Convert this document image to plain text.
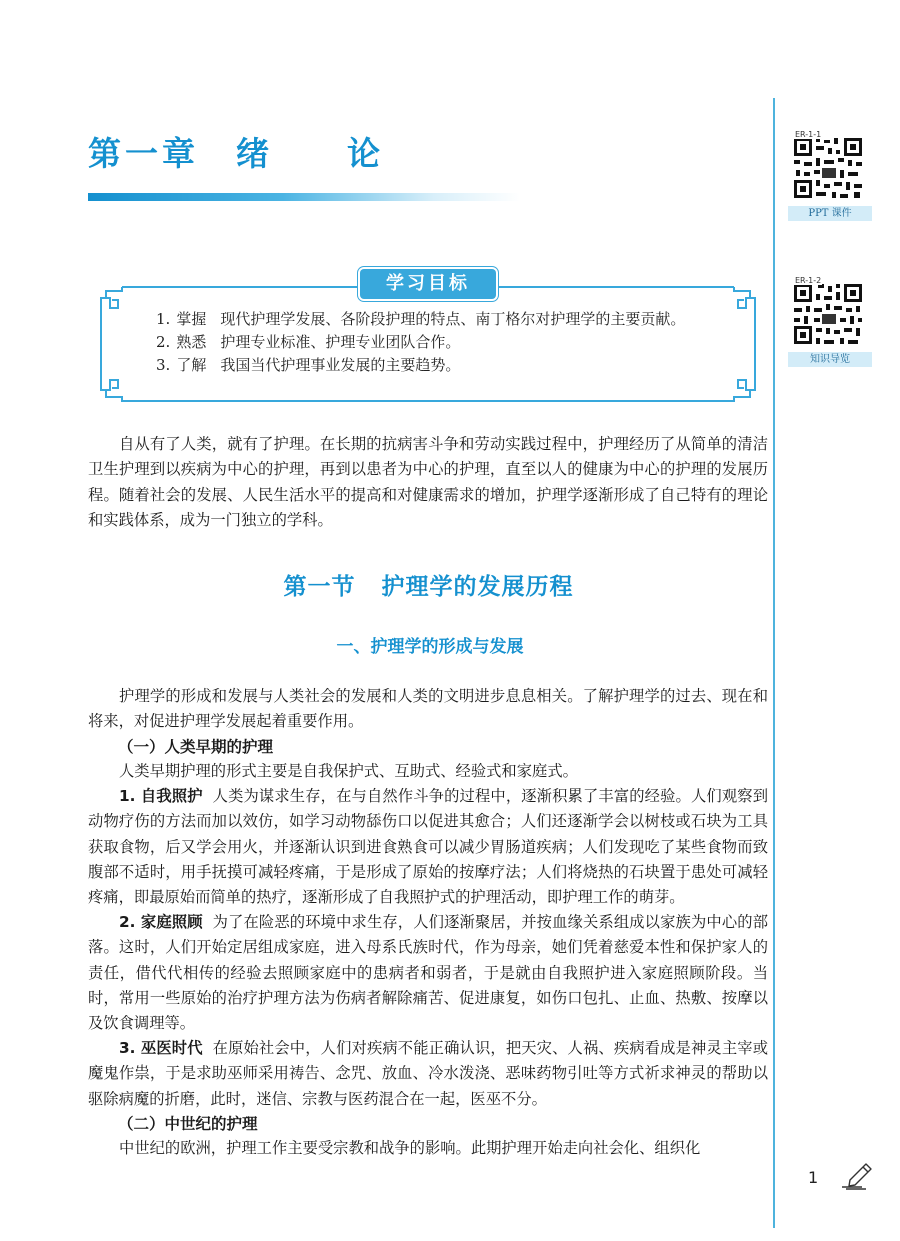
第一章　绪　　论	ER-1-1
PPT 课件
ER-1-2
知识导览
学习目标
1. 掌握 现代护理学发展、各阶段护理的特点、南丁格尔对护理学的主要贡献。
2. 熟悉 护理专业标准、护理专业团队合作。
3. 了解 我国当代护理事业发展的主要趋势。

自从有了人类，就有了护理。在长期的抗病害斗争和劳动实践过程中，护理经历了从简单的清洁卫生护理到以疾病为中心的护理，再到以患者为中心的护理，直至以人的健康为中心的护理的发展历程。随着社会的发展、人民生活水平的提高和对健康需求的增加，护理学逐渐形成了自己特有的理论和实践体系，成为一门独立的学科。

第一节 护理学的发展历程
一、护理学的形成与发展

护理学的形成和发展与人类社会的发展和人类的文明进步息息相关。了解护理学的过去、现在和将来，对促进护理学发展起着重要作用。

（一）人类早期的护理

人类早期护理的形式主要是自我保护式、互助式、经验式和家庭式。

1. 自我照护 人类为谋求生存，在与自然作斗争的过程中，逐渐积累了丰富的经验。人们观察到动物疗伤的方法而加以效仿，如学习动物舔伤口以促进其愈合；人们还逐渐学会以树枝或石块为工具获取食物，后又学会用火，并逐渐认识到进食熟食可以减少胃肠道疾病；人们发现吃了某些食物而致腹部不适时，用手抚摸可减轻疼痛，于是形成了原始的按摩疗法；人们将烧热的石块置于患处可减轻疼痛，即最原始而简单的热疗，逐渐形成了自我照护式的护理活动，即护理工作的萌芽。

2. 家庭照顾 为了在险恶的环境中求生存，人们逐渐聚居，并按血缘关系组成以家族为中心的部落。这时，人们开始定居组成家庭，进入母系氏族时代，作为母亲，她们凭着慈爱本性和保护家人的责任，借代代相传的经验去照顾家庭中的患病者和弱者，于是就由自我照护进入家庭照顾阶段。当时，常用一些原始的治疗护理方法为伤病者解除痛苦、促进康复，如伤口包扎、止血、热敷、按摩以及饮食调理等。

3. 巫医时代 在原始社会中，人们对疾病不能正确认识，把天灾、人祸、疾病看成是神灵主宰或魔鬼作祟，于是求助巫师采用祷告、念咒、放血、冷水泼浇、恶味药物引吐等方式祈求神灵的帮助以驱除病魔的折磨，此时，迷信、宗教与医药混合在一起，医巫不分。

（二）中世纪的护理

中世纪的欧洲，护理工作主要受宗教和战争的影响。此期护理开始走向社会化、组织化

1
